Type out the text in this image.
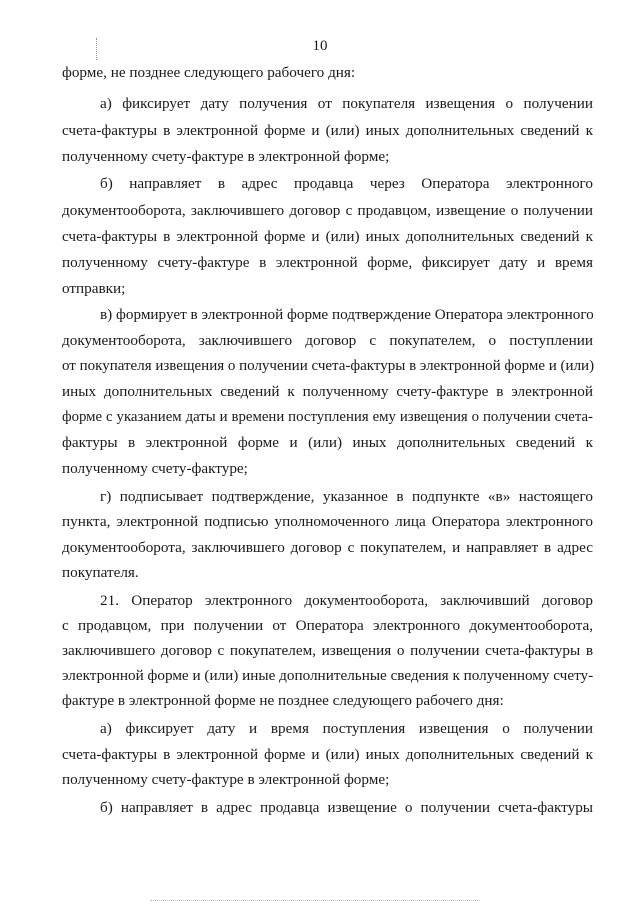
10
форме, не позднее следующего рабочего дня:
а) фиксирует дату получения от покупателя извещения о получении
счета-фактуры в электронной форме и (или) иных дополнительных сведений к
полученному счету-фактуре в электронной форме;
б) направляет в адрес продавца через Оператора электронного
документооборота, заключившего договор с продавцом, извещение о получении
счета-фактуры в электронной форме и (или) иных дополнительных сведений к
полученному счету-фактуре в электронной форме, фиксирует дату и время
отправки;
в) формирует в электронной форме подтверждение Оператора электронного
документооборота, заключившего договор с покупателем, о поступлении
от покупателя извещения о получении счета-фактуры в электронной форме и (или)
иных дополнительных сведений к полученному счету-фактуре в электронной
форме с указанием даты и времени поступления ему извещения о получении счета-
фактуры в электронной форме и (или) иных дополнительных сведений к
полученному счету-фактуре;
г) подписывает подтверждение, указанное в подпункте «в» настоящего
пункта, электронной подписью уполномоченного лица Оператора электронного
документооборота, заключившего договор с покупателем, и направляет в адрес
покупателя.
21. Оператор электронного документооборота, заключивший договор
с продавцом, при получении от Оператора электронного документооборота,
заключившего договор с покупателем, извещения о получении счета-фактуры в
электронной форме и (или) иные дополнительные сведения к полученному счету-
фактуре в электронной форме не позднее следующего рабочего дня:
а) фиксирует дату и время поступления извещения о получении
счета-фактуры в электронной форме и (или) иных дополнительных сведений к
полученному счету-фактуре в электронной форме;
б) направляет в адрес продавца извещение о получении счета-фактуры
